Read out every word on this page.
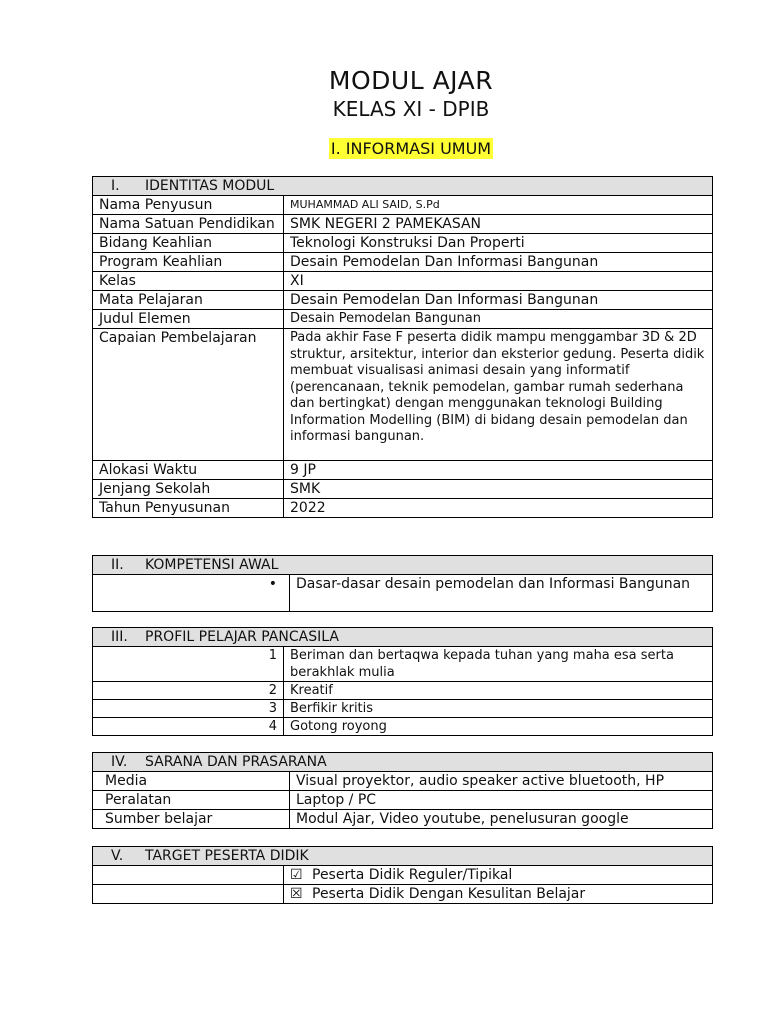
MODUL AJAR
KELAS XI - DPIB
I. INFORMASI UMUM
I. IDENTITAS MODUL	
Nama Penyusun	MUHAMMAD ALI SAID, S.Pd
Nama Satuan Pendidikan	SMK NEGERI 2 PAMEKASAN
Bidang Keahlian	Teknologi Konstruksi Dan Properti
Program Keahlian	Desain Pemodelan Dan Informasi Bangunan
Kelas	XI
Mata Pelajaran	Desain Pemodelan Dan Informasi Bangunan
Judul Elemen	Desain Pemodelan Bangunan
Capaian Pembelajaran	Pada akhir Fase F peserta didik mampu menggambar 3D & 2D struktur, arsitektur, interior dan eksterior gedung. Peserta didik membuat visualisasi animasi desain yang informatif (perencanaan, teknik pemodelan, gambar rumah sederhana dan bertingkat) dengan menggunakan teknologi Building Information Modelling (BIM) di bidang desain pemodelan dan informasi bangunan.
Alokasi Waktu	9 JP
Jenjang Sekolah	SMK
Tahun Penyusunan	2022
II. KOMPETENSI AWAL
•	Dasar-dasar desain pemodelan dan Informasi Bangunan
III. PROFIL PELAJAR PANCASILA	
1	Beriman dan bertaqwa kepada tuhan yang maha esa serta berakhlak mulia
2	Kreatif
3	Berfikir kritis
4	Gotong royong
IV. SARANA DAN PRASARANA	
Media	Visual proyektor, audio speaker active bluetooth, HP
Peralatan	Laptop / PC
Sumber belajar	Modul Ajar, Video youtube, penelusuran google
V. TARGET PESERTA DIDIK	
	☑ Peserta Didik Reguler/Tipikal
	☒ Peserta Didik Dengan Kesulitan Belajar
